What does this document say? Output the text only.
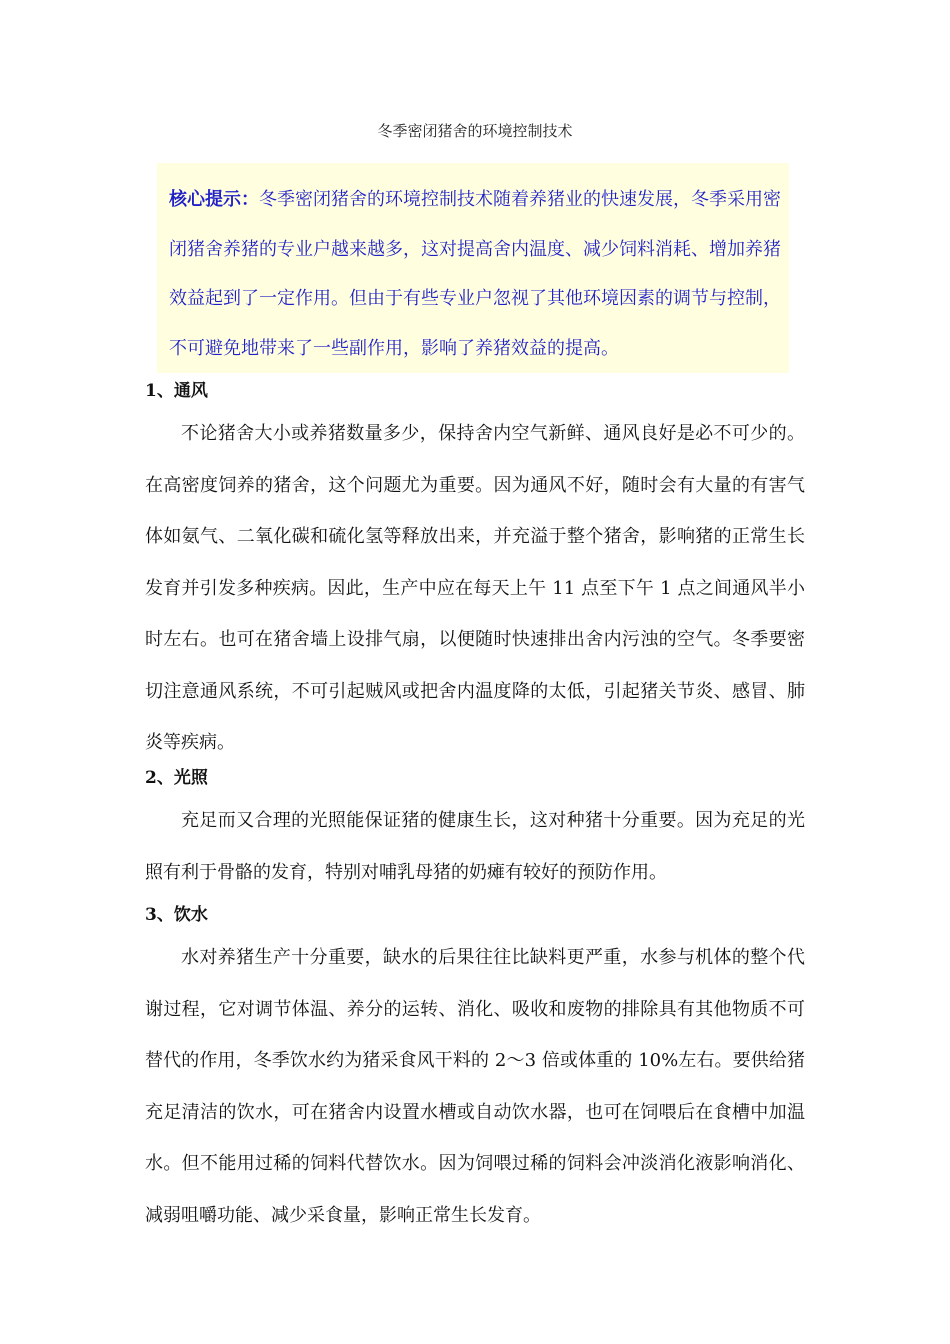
冬季密闭猪舍的环境控制技术

核心提示：冬季密闭猪舍的环境控制技术随着养猪业的快速发展，冬季采用密闭猪舍养猪的专业户越来越多，这对提高舍内温度、减少饲料消耗、增加养猪效益起到了一定作用。但由于有些专业户忽视了其他环境因素的调节与控制，不可避免地带来了一些副作用，影响了养猪效益的提高。

1、通风

不论猪舍大小或养猪数量多少，保持舍内空气新鲜、通风良好是必不可少的。在高密度饲养的猪舍，这个问题尤为重要。因为通风不好，随时会有大量的有害气体如氨气、二氧化碳和硫化氢等释放出来，并充溢于整个猪舍，影响猪的正常生长发育并引发多种疾病。因此，生产中应在每天上午 11 点至下午 1 点之间通风半小时左右。也可在猪舍墙上设排气扇，以便随时快速排出舍内污浊的空气。冬季要密切注意通风系统，不可引起贼风或把舍内温度降的太低，引起猪关节炎、感冒、肺炎等疾病。

2、光照

充足而又合理的光照能保证猪的健康生长，这对种猪十分重要。因为充足的光照有利于骨骼的发育，特别对哺乳母猪的奶瘫有较好的预防作用。

3、饮水

水对养猪生产十分重要，缺水的后果往往比缺料更严重，水参与机体的整个代谢过程，它对调节体温、养分的运转、消化、吸收和废物的排除具有其他物质不可替代的作用，冬季饮水约为猪采食风干料的 2～3 倍或体重的 10%左右。要供给猪充足清洁的饮水，可在猪舍内设置水槽或自动饮水器，也可在饲喂后在食槽中加温水。但不能用过稀的饲料代替饮水。因为饲喂过稀的饲料会冲淡消化液影响消化、减弱咀嚼功能、减少采食量，影响正常生长发育。
